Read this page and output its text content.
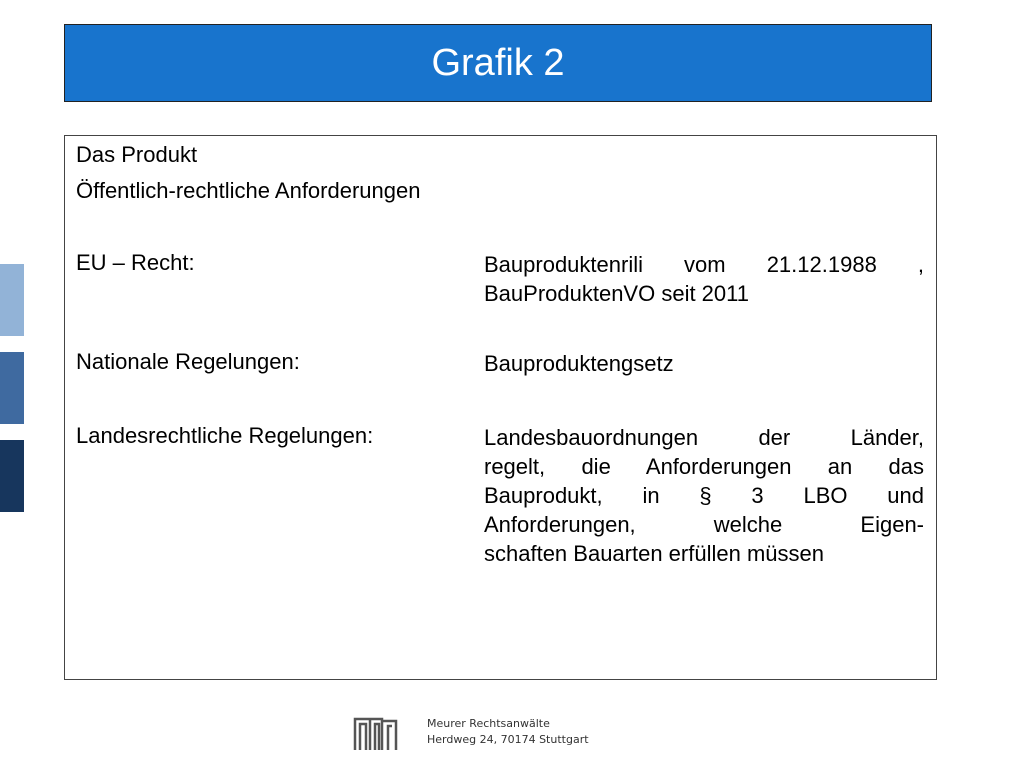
Grafik 2
Das Produkt
Öffentlich-rechtliche Anforderungen
EU – Recht:	Bauproduktenrili vom 21.12.1988 ,
BauProduktenVO seit 2011
Nationale Regelungen:	Bauproduktengsetz
Landesrechtliche Regelungen:	Landesbauordnungen der Länder,
regelt, die Anforderungen an das
Bauprodukt, in § 3 LBO und
Anforderungen, welche Eigen-
schaften Bauarten erfüllen müssen
Meurer Rechtsanwälte
Herdweg 24, 70174 Stuttgart
